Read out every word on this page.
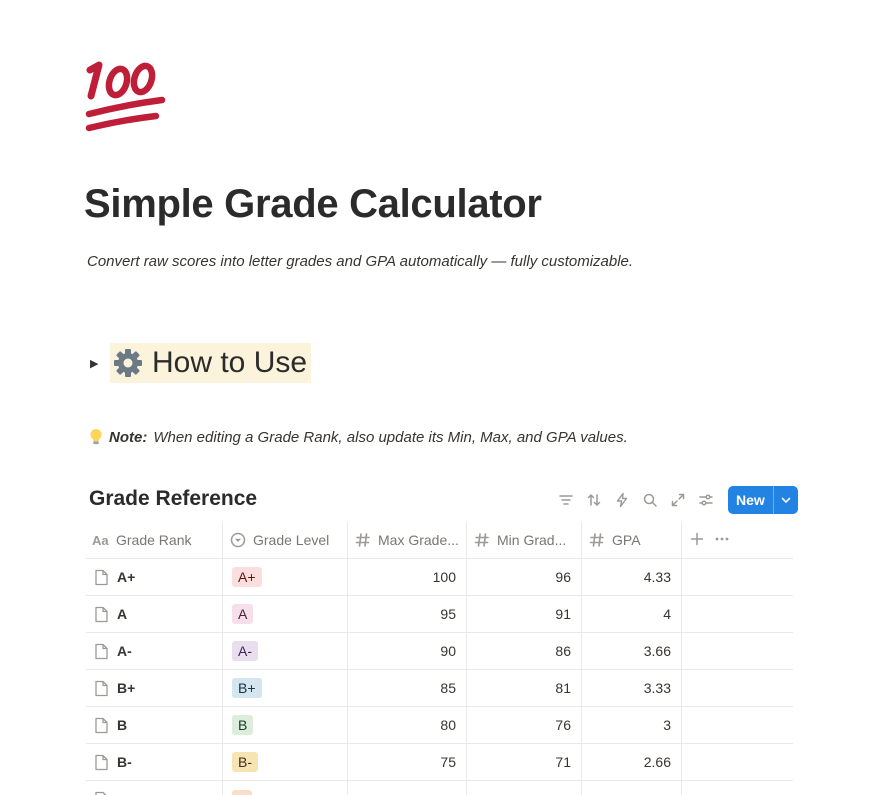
Simple Grade Calculator
Convert raw scores into letter grades and GPA automatically — fully customizable.
▶	How to Use
Note: When editing a Grade Rank, also update its Min, Max, and GPA values.
Grade Reference	New
Aa Grade Rank	Grade Level	Max Grade...	Min Grad...	GPA
A+	A+	100	96	4.33
A	A	95	91	4
A-	A-	90	86	3.66
B+	B+	85	81	3.33
B	B	80	76	3
B-	B-	75	71	2.66
